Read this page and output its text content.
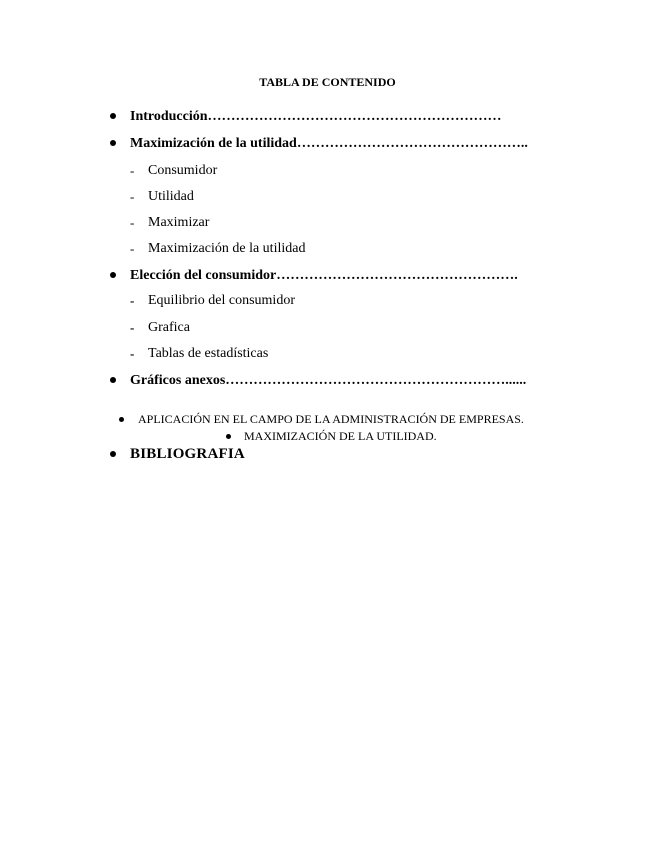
TABLA DE CONTENIDO
Introducción………………………………………………………
Maximización de la utilidad…………………………………………..
- Consumidor
- Utilidad
- Maximizar
- Maximización de la utilidad
Elección del consumidor…………………………………………….
- Equilibrio del consumidor
- Grafica
- Tablas de estadísticas
Gráficos anexos……………………………………………………......
APLICACIÓN EN EL CAMPO DE LA ADMINISTRACIÓN DE EMPRESAS.
MAXIMIZACIÓN DE LA UTILIDAD.
BIBLIOGRAFIA
